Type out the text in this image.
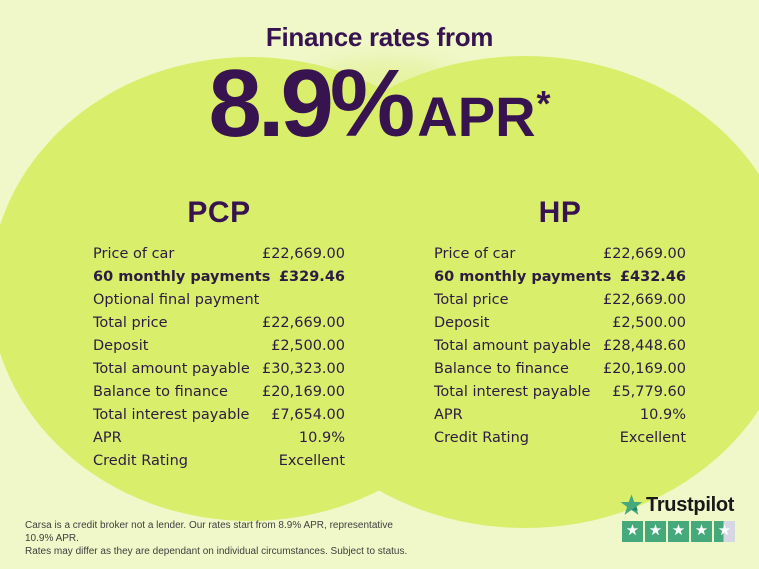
Finance rates from
8.9% APR*
PCP
Price of car	£22,669.00
60 monthly payments £329.46
Optional final payment
Total price	£22,669.00
Deposit	£2,500.00
Total amount payable £30,323.00
Balance to finance £20,169.00
Total interest payable £7,654.00
APR	10.9%
Credit Rating	Excellent
HP
Price of car	£22,669.00
60 monthly payments £432.46
Total price	£22,669.00
Deposit	£2,500.00
Total amount payable £28,448.60
Balance to finance £20,169.00
Total interest payable £5,779.60
APR	10.9%
Credit Rating	Excellent
Carsa is a credit broker not a lender. Our rates start from 8.9% APR, representative 10.9% APR.
Rates may differ as they are dependant on individual circumstances. Subject to status.
Trustpilot
★ ★ ★ ★ ★
